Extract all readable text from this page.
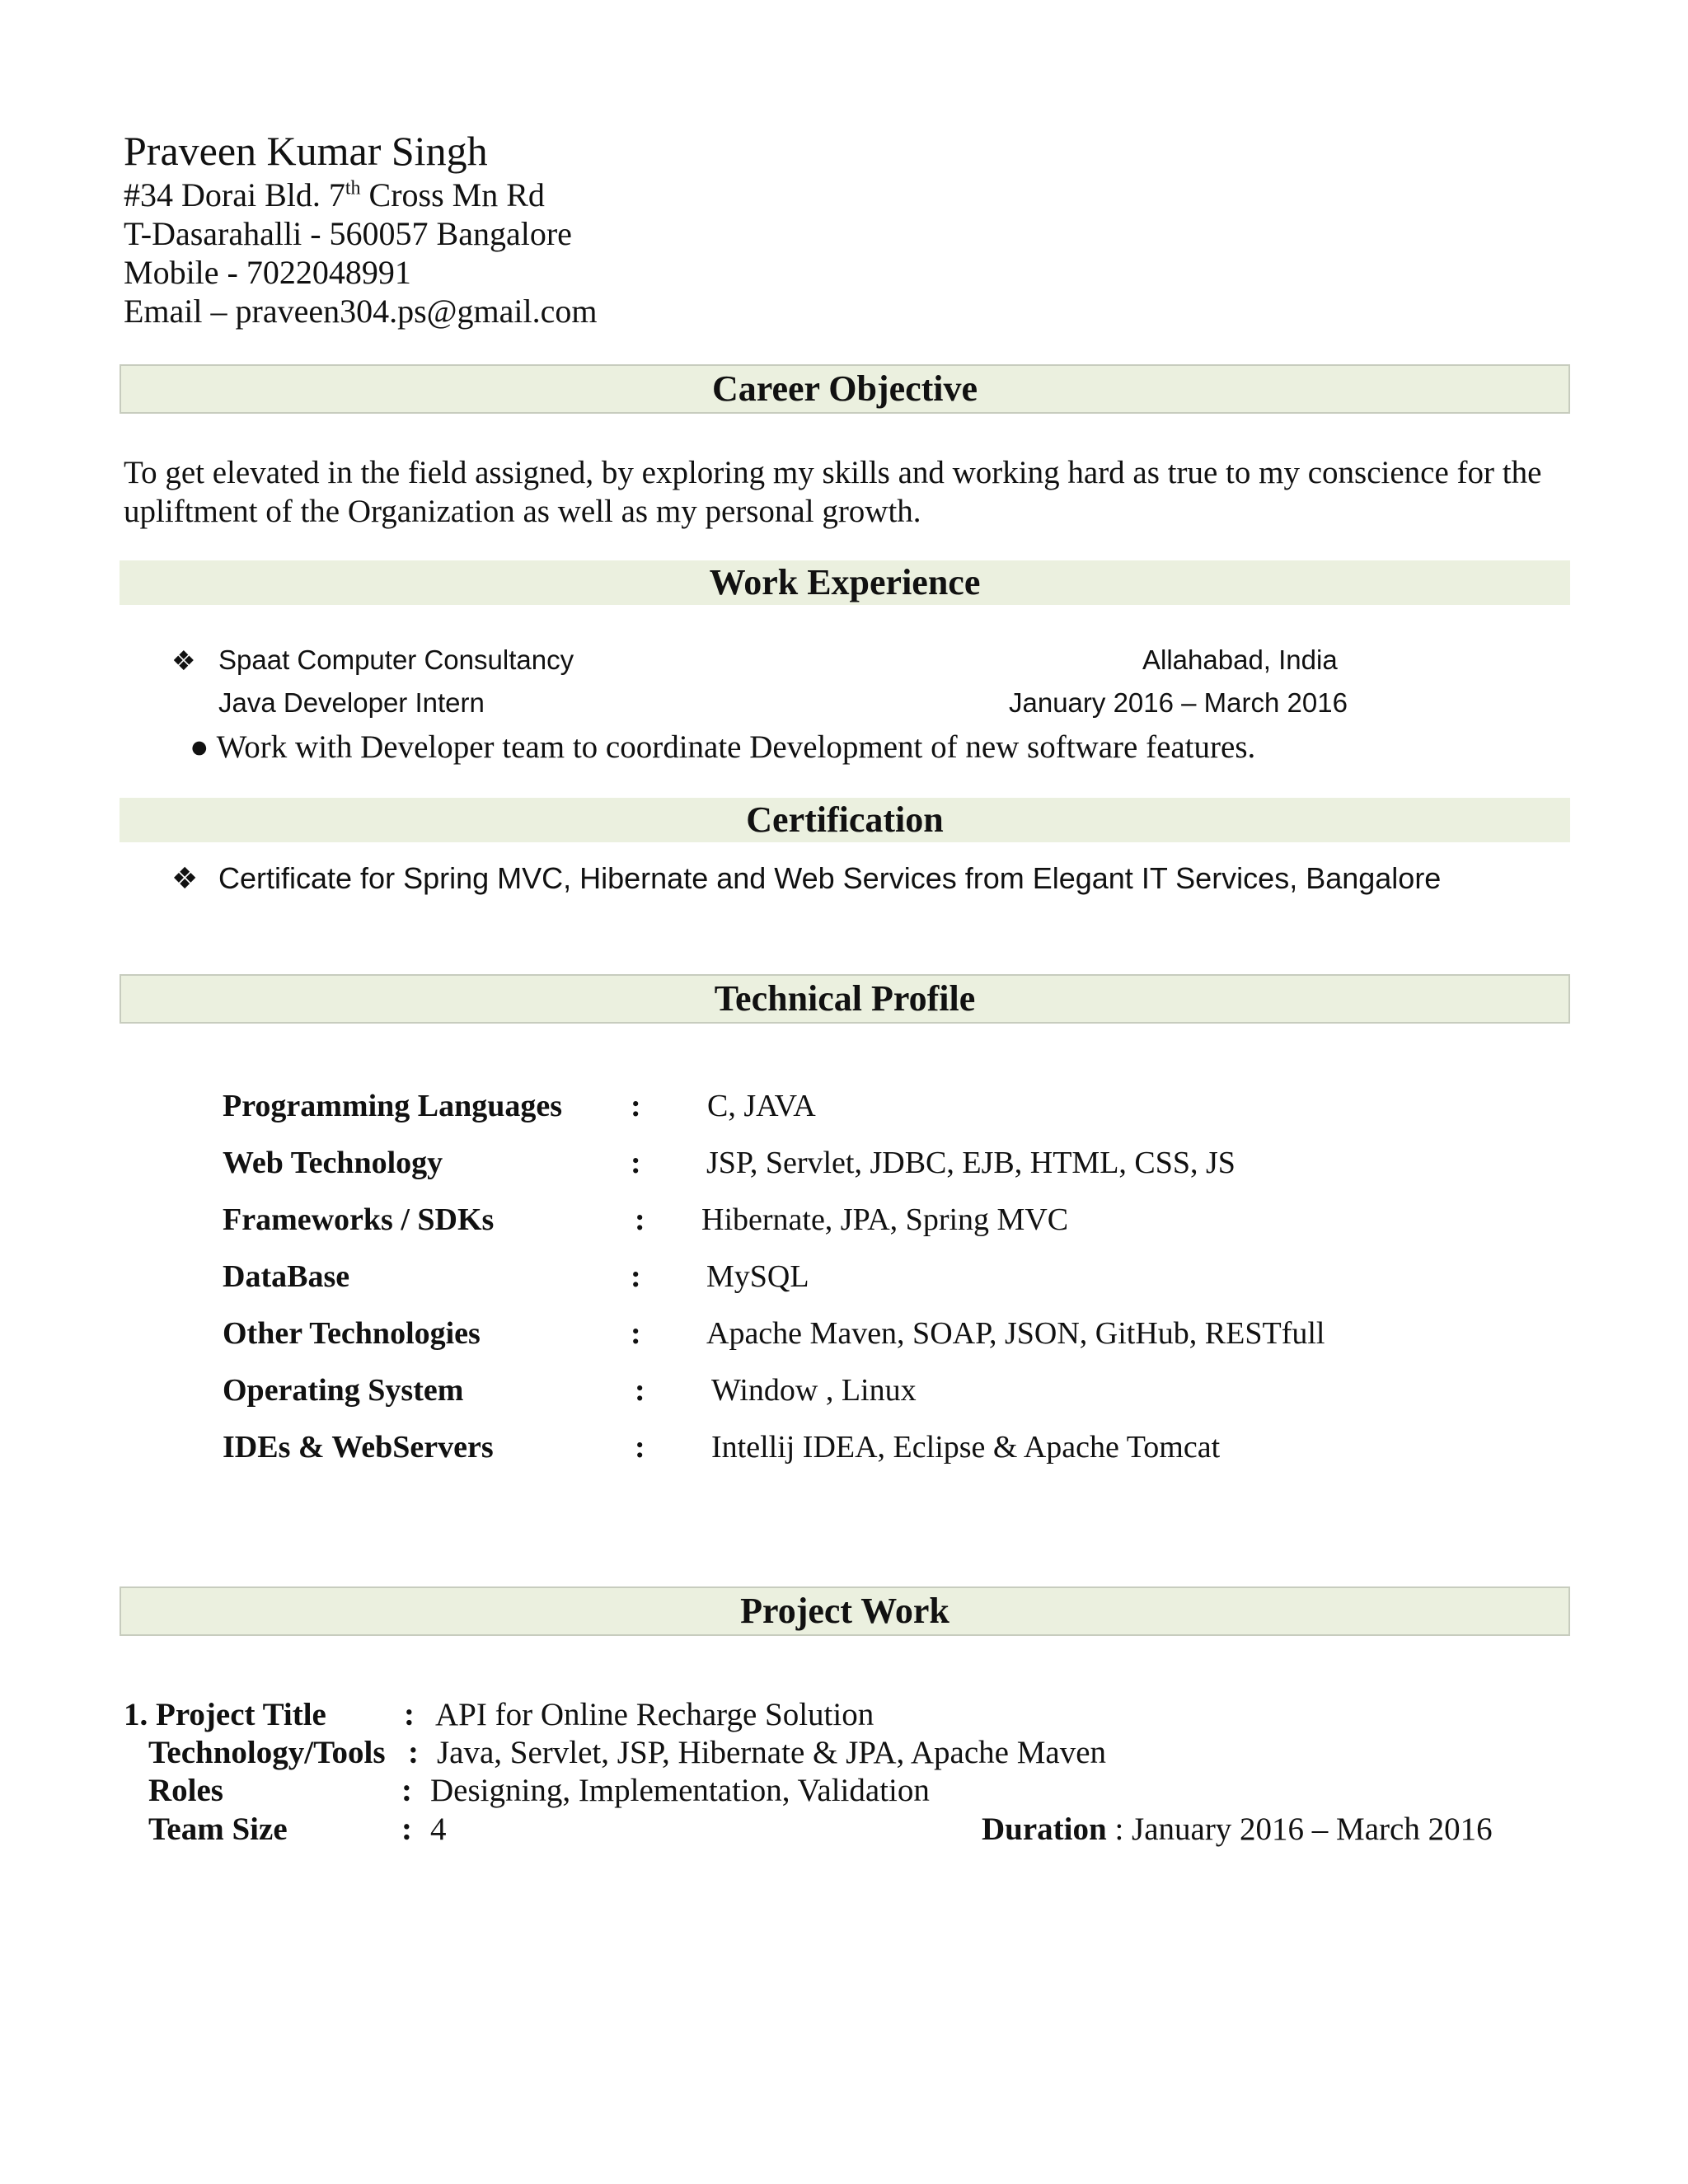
Praveen Kumar Singh
#34 Dorai Bld. 7th Cross Mn Rd
T-Dasarahalli - 560057 Bangalore
Mobile - 7022048991
Email – praveen304.ps@gmail.com
Career Objective
To get elevated in the field assigned, by exploring my skills and working hard as true to my conscience for the upliftment of the Organization as well as my personal growth.
Work Experience
❖ Spaat Computer Consultancy	Allahabad, India
Java Developer Intern	January 2016 – March 2016
● Work with Developer team to coordinate Development of new software features.
Certification
❖ Certificate for Spring MVC, Hibernate and Web Services from Elegant IT Services, Bangalore
Technical Profile
Programming Languages : C, JAVA
Web Technology	: JSP, Servlet, JDBC, EJB, HTML, CSS, JS
Frameworks / SDKs	: Hibernate, JPA, Spring MVC
DataBase	: MySQL
Other Technologies	: Apache Maven, SOAP, JSON, GitHub, RESTfull
Operating System	: Window , Linux
IDEs & WebServers	: Intellij IDEA, Eclipse & Apache Tomcat
Project Work
1. Project Title : API for Online Recharge Solution
Technology/Tools : Java, Servlet, JSP, Hibernate & JPA, Apache Maven
Roles	: Designing, Implementation, Validation
Team Size	: 4	Duration : January 2016 – March 2016
